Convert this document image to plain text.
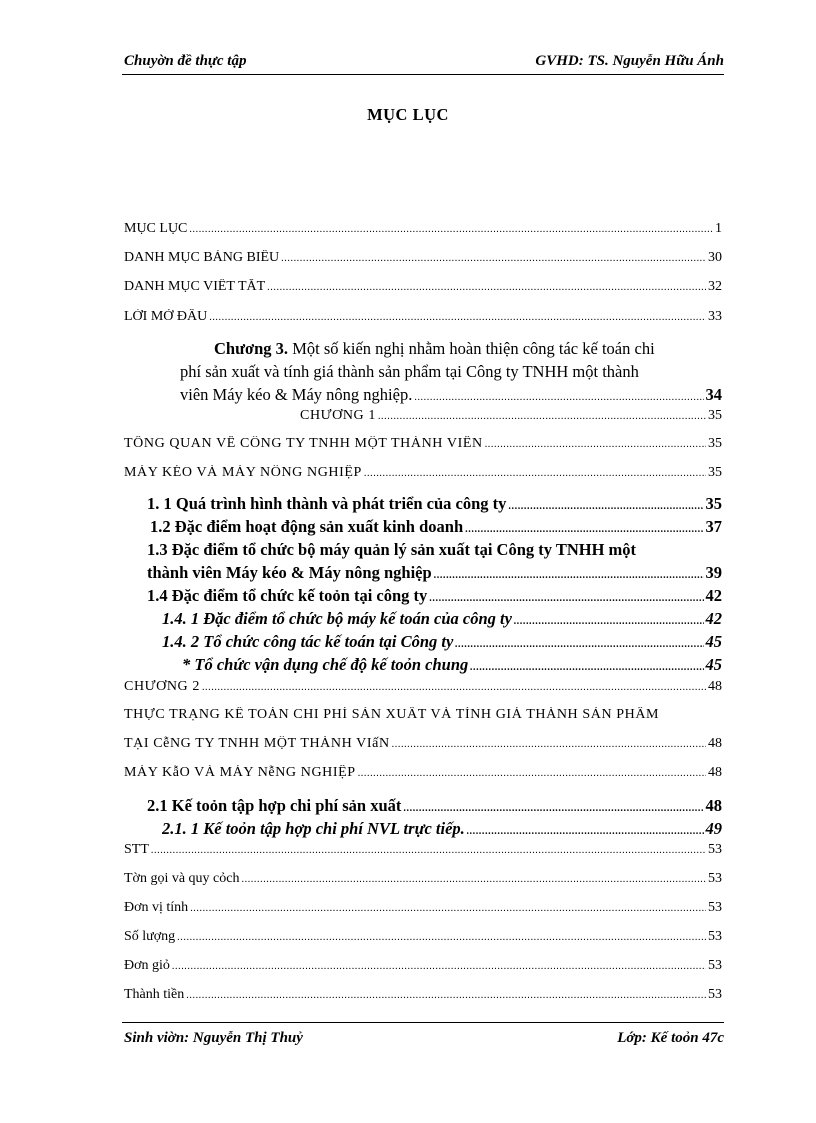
Chuyờn đề thực tập	GVHD: TS. Nguyễn Hữu Ánh
MỤC LỤC
MỤC LỤC .....	1
DANH MỤC BẢNG BIỂU .....	30
DANH MỤC VIẾT TẮT .....	32
LỜI MỞ ĐẦU .....	33
Chương 3. Một số kiến nghị nhằm hoàn thiện công tác kế toán chi
phí sản xuất và tính giá thành sản phẩm tại Công ty TNHH một thành
viên Máy kéo & Máy nông nghiệp. .....	34
CHƯƠNG 1 .....	35
TỔNG QUAN VỀ CÔNG TY TNHH MỘT THÀNH VIÊN .....	35
MÁY KÉO VÀ MÁY NÔNG NGHIỆP .....	35
1. 1 Quá trình hình thành và phát triển của công ty .....	35
1.2 Đặc điểm hoạt động sản xuất kinh doanh .....	37
1.3 Đặc điểm tổ chức bộ máy quản lý sản xuất tại Công ty TNHH một
thành viên Máy kéo & Máy nông nghiệp .....	39
1.4 Đặc điểm tổ chức kế toỏn tại công ty .....	42
1.4. 1 Đặc điểm tổ chức bộ máy kế toán của công ty .....	42
1.4. 2 Tổ chức công tác kế toán tại Công ty .....	45
* Tổ chức vận dụng chế độ kế toỏn chung .....	45
CHƯƠNG 2 .....	48
THỰC TRẠNG KẾ TOÁN CHI PHÍ SẢN XUẤT VÀ TÍNH GIÁ THÀNH SẢN PHẨM
TẠI CễNG TY TNHH MỘT THÀNH VIấN .....	48
MÁY KẫO VÀ MÁY NễNG NGHIỆP .....	48
2.1 Kế toỏn tập hợp chi phí sản xuất .....	48
2.1. 1 Kế toỏn tập hợp chi phí NVL trực tiếp. .....	49
STT .....	53
Tờn gọi và quy cỏch .....	53
Đơn vị tính .....	53
Số lượng .....	53
Đơn giỏ .....	53
Thành tiền .....	53
Sinh viờn: Nguyễn Thị Thuỷ	Lớp: Kế toỏn 47c
